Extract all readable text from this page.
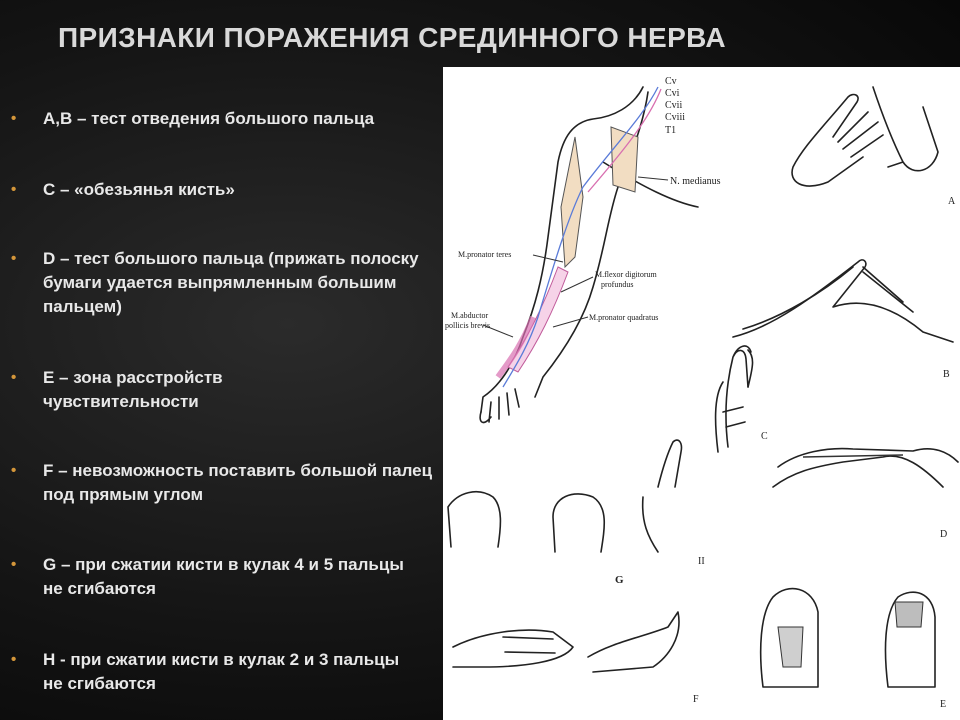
ПРИЗНАКИ ПОРАЖЕНИЯ СРЕДИННОГО НЕРВА
• A,B – тест отведения большого пальца
• C – «обезьянья кисть»
• D – тест большого пальца (прижать полоску бумаги удается выпрямленным большим пальцем)
• E – зона расстройств чувствительности
• F – невозможность поставить большой палец под прямым углом
• G – при сжатии кисти в кулак 4 и 5 пальцы не сгибаются
• H - при сжатии кисти в кулак 2 и 3 пальцы не сгибаются
Cv
Cvi
Cvii
Cviii
T1
N. medianus
M.pronator teres
M.flexor digitorum
profundus
M.pronator quadratus
M.abductor
pollicis brevis
A
B
C
D
G
II
F	E
